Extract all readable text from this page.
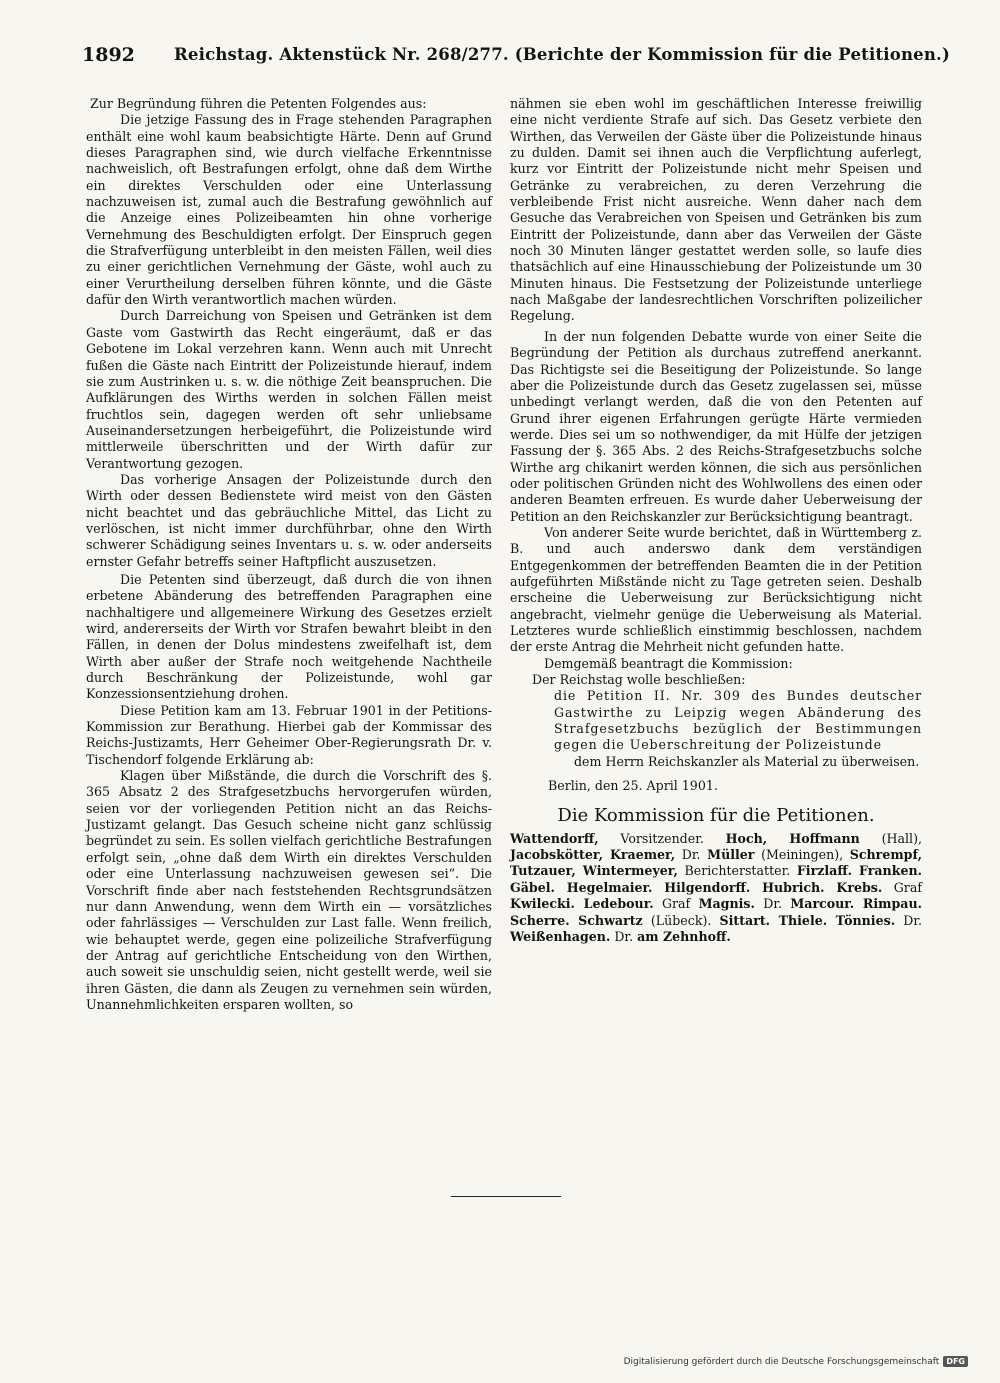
1892 Reichstag. Aktenstück Nr. 268/277. (Berichte der Kommission für die Petitionen.)

Zur Begründung führen die Petenten Folgendes aus:

Die jetzige Fassung des in Frage stehenden Paragraphen enthält eine wohl kaum beabsichtigte Härte. Denn auf Grund dieses Paragraphen sind, wie durch vielfache Erkenntnisse nachweislich, oft Bestrafungen erfolgt, ohne daß dem Wirthe ein direktes Verschulden oder eine Unterlassung nachzuweisen ist, zumal auch die Bestrafung gewöhnlich auf die Anzeige eines Polizeibeamten hin ohne vorherige Vernehmung des Beschuldigten erfolgt. Der Einspruch gegen die Strafverfügung unterbleibt in den meisten Fällen, weil dies zu einer gerichtlichen Vernehmung der Gäste, wohl auch zu einer Verurtheilung derselben führen könnte, und die Gäste dafür den Wirth verantwortlich machen würden.

Durch Darreichung von Speisen und Getränken ist dem Gaste vom Gastwirth das Recht eingeräumt, daß er das Gebotene im Lokal verzehren kann. Wenn auch mit Unrecht fußen die Gäste nach Eintritt der Polizeistunde hierauf, indem sie zum Austrinken u. s. w. die nöthige Zeit beanspruchen. Die Aufklärungen des Wirths werden in solchen Fällen meist fruchtlos sein, dagegen werden oft sehr unliebsame Auseinandersetzungen herbeigeführt, die Polizeistunde wird mittlerweile überschritten und der Wirth dafür zur Verantwortung gezogen.

Das vorherige Ansagen der Polizeistunde durch den Wirth oder dessen Bedienstete wird meist von den Gästen nicht beachtet und das gebräuchliche Mittel, das Licht zu verlöschen, ist nicht immer durchführbar, ohne den Wirth schwerer Schädigung seines Inventars u. s. w. oder anderseits ernster Gefahr betreffs seiner Haftpflicht auszusetzen.

Die Petenten sind überzeugt, daß durch die von ihnen erbetene Abänderung des betreffenden Paragraphen eine nachhaltigere und allgemeinere Wirkung des Gesetzes erzielt wird, andererseits der Wirth vor Strafen bewahrt bleibt in den Fällen, in denen der Dolus mindestens zweifelhaft ist, dem Wirth aber außer der Strafe noch weitgehende Nachtheile durch Beschränkung der Polizeistunde, wohl gar Konzessionsentziehung drohen.

Diese Petition kam am 13. Februar 1901 in der Petitions-Kommission zur Berathung. Hierbei gab der Kommissar des Reichs-Justizamts, Herr Geheimer Ober-Regierungsrath Dr. v. Tischendorf folgende Erklärung ab:

Klagen über Mißstände, die durch die Vorschrift des §. 365 Absatz 2 des Strafgesetzbuchs hervorgerufen würden, seien vor der vorliegenden Petition nicht an das Reichs-Justizamt gelangt. Das Gesuch scheine nicht ganz schlüssig begründet zu sein. Es sollen vielfach gerichtliche Bestrafungen erfolgt sein, „ohne daß dem Wirth ein direktes Verschulden oder eine Unterlassung nachzuweisen gewesen sei“. Die Vorschrift finde aber nach feststehenden Rechtsgrundsätzen nur dann Anwendung, wenn dem Wirth ein — vorsätzliches oder fahrlässiges — Verschulden zur Last falle. Wenn freilich, wie behauptet werde, gegen eine polizeiliche Strafverfügung der Antrag auf gerichtliche Entscheidung von den Wirthen, auch soweit sie unschuldig seien, nicht gestellt werde, weil sie ihren Gästen, die dann als Zeugen zu vernehmen sein würden, Unannehmlichkeiten ersparen wollten, so

nähmen sie eben wohl im geschäftlichen Interesse freiwillig eine nicht verdiente Strafe auf sich. Das Gesetz verbiete den Wirthen, das Verweilen der Gäste über die Polizeistunde hinaus zu dulden. Damit sei ihnen auch die Verpflichtung auferlegt, kurz vor Eintritt der Polizeistunde nicht mehr Speisen und Getränke zu verabreichen, zu deren Verzehrung die verbleibende Frist nicht ausreiche. Wenn daher nach dem Gesuche das Verabreichen von Speisen und Getränken bis zum Eintritt der Polizeistunde, dann aber das Verweilen der Gäste noch 30 Minuten länger gestattet werden solle, so laufe dies thatsächlich auf eine Hinausschiebung der Polizeistunde um 30 Minuten hinaus. Die Festsetzung der Polizeistunde unterliege nach Maßgabe der landesrechtlichen Vorschriften polizeilicher Regelung.

In der nun folgenden Debatte wurde von einer Seite die Begründung der Petition als durchaus zutreffend anerkannt. Das Richtigste sei die Beseitigung der Polizeistunde. So lange aber die Polizeistunde durch das Gesetz zugelassen sei, müsse unbedingt verlangt werden, daß die von den Petenten auf Grund ihrer eigenen Erfahrungen gerügte Härte vermieden werde. Dies sei um so nothwendiger, da mit Hülfe der jetzigen Fassung der §. 365 Abs. 2 des Reichs-Strafgesetzbuchs solche Wirthe arg chikanirt werden können, die sich aus persönlichen oder politischen Gründen nicht des Wohlwollens des einen oder anderen Beamten erfreuen. Es wurde daher Ueberweisung der Petition an den Reichskanzler zur Berücksichtigung beantragt.

Von anderer Seite wurde berichtet, daß in Württemberg z. B. und auch anderswo dank dem verständigen Entgegenkommen der betreffenden Beamten die in der Petition aufgeführten Mißstände nicht zu Tage getreten seien. Deshalb erscheine die Ueberweisung zur Berücksichtigung nicht angebracht, vielmehr genüge die Ueberweisung als Material. Letzteres wurde schließlich einstimmig beschlossen, nachdem der erste Antrag die Mehrheit nicht gefunden hatte.

Demgemäß beantragt die Kommission:

Der Reichstag wolle beschließen:

die Petition II. Nr. 309 des Bundes deutscher Gastwirthe zu Leipzig wegen Abänderung des Strafgesetzbuchs bezüglich der Bestimmungen gegen die Ueberschreitung der Polizeistunde

dem Herrn Reichskanzler als Material zu überweisen.

Berlin, den 25. April 1901.

Die Kommission für die Petitionen.

Wattendorff, Vorsitzender. Hoch, Hoffmann (Hall), Jacobskötter, Kraemer, Dr. Müller (Meiningen), Schrempf, Tutzauer, Wintermeyer, Berichterstatter. Firzlaff. Franken. Gäbel. Hegelmaier. Hilgendorff. Hubrich. Krebs. Graf Kwilecki. Ledebour. Graf Magnis. Dr. Marcour. Rimpau. Scherre. Schwartz (Lübeck). Sittart. Thiele. Tönnies. Dr. Weißenhagen. Dr. am Zehnhoff.

Digitalisierung gefördert durch die Deutsche Forschungsgemeinschaft DFG
